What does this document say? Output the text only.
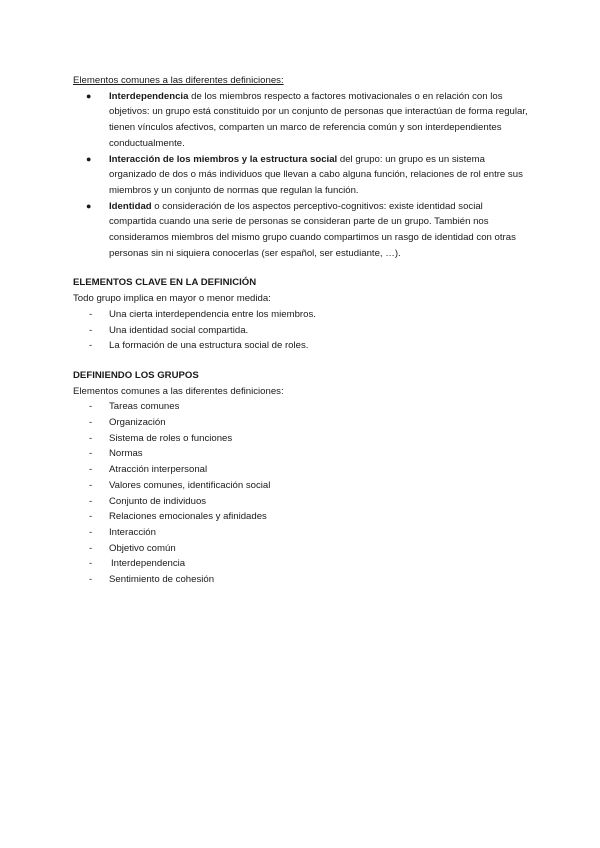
Elementos comunes a las diferentes definiciones:
● Interdependencia de los miembros respecto a factores motivacionales o en relación con los objetivos: un grupo está constituido por un conjunto de personas que interactúan de forma regular, tienen vínculos afectivos, comparten un marco de referencia común y son interdependientes conductualmente.
● Interacción de los miembros y la estructura social del grupo: un grupo es un sistema organizado de dos o más individuos que llevan a cabo alguna función, relaciones de rol entre sus miembros y un conjunto de normas que regulan la función.
● Identidad o consideración de los aspectos perceptivo-cognitivos: existe identidad social compartida cuando una serie de personas se consideran parte de un grupo. También nos consideramos miembros del mismo grupo cuando compartimos un rasgo de identidad con otras personas sin ni siquiera conocerlas (ser español, ser estudiante, …).
ELEMENTOS CLAVE EN LA DEFINICIÓN
Todo grupo implica en mayor o menor medida:
- Una cierta interdependencia entre los miembros.
- Una identidad social compartida.
- La formación de una estructura social de roles.
DEFINIENDO LOS GRUPOS
Elementos comunes a las diferentes definiciones:
- Tareas comunes
- Organización
- Sistema de roles o funciones
- Normas
- Atracción interpersonal
- Valores comunes, identificación social
- Conjunto de individuos
- Relaciones emocionales y afinidades
- Interacción
- Objetivo común
- Interdependencia
- Sentimiento de cohesión
